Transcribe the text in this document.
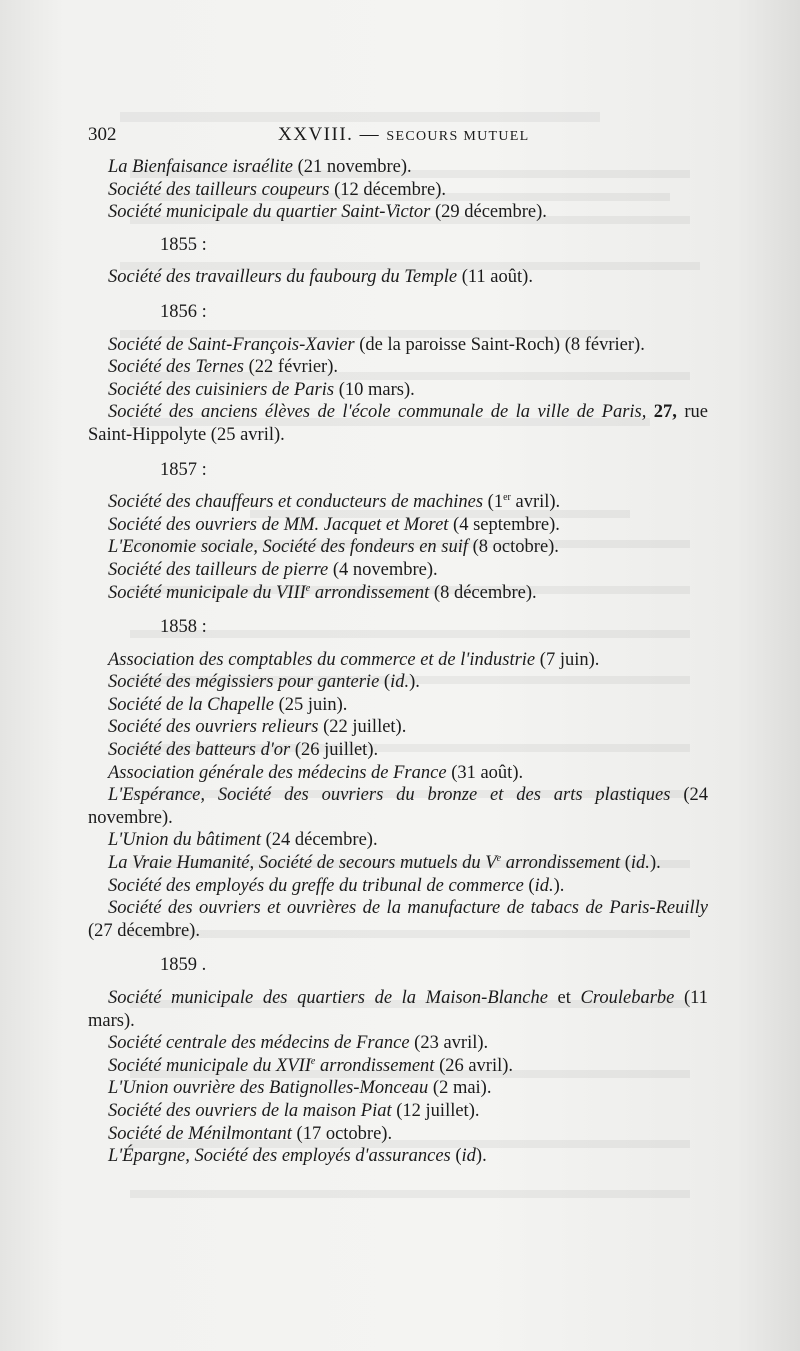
302	XXVIII. — SECOURS MUTUEL
La Bienfaisance israélite (21 novembre).
Société des tailleurs coupeurs (12 décembre).
Société municipale du quartier Saint-Victor (29 décembre).
1855 :
Société des travailleurs du faubourg du Temple (11 août).
1856 :
Société de Saint-François-Xavier (de la paroisse Saint-Roch) (8 février).
Société des Ternes (22 février).
Société des cuisiniers de Paris (10 mars).
Société des anciens élèves de l'école communale de la ville de Paris, 27, rue Saint-Hippolyte (25 avril).
1857 :
Société des chauffeurs et conducteurs de machines (1er avril).
Société des ouvriers de MM. Jacquet et Moret (4 septembre).
L'Economie sociale, Société des fondeurs en suif (8 octobre).
Société des tailleurs de pierre (4 novembre).
Société municipale du VIIIe arrondissement (8 décembre).
1858 :
Association des comptables du commerce et de l'industrie (7 juin).
Société des mégissiers pour ganterie (id.).
Société de la Chapelle (25 juin).
Société des ouvriers relieurs (22 juillet).
Société des batteurs d'or (26 juillet).
Association générale des médecins de France (31 août).
L'Espérance, Société des ouvriers du bronze et des arts plastiques (24 novembre).
L'Union du bâtiment (24 décembre).
La Vraie Humanité, Société de secours mutuels du Ve arrondissement (id.).
Société des employés du greffe du tribunal de commerce (id.).
Société des ouvriers et ouvrières de la manufacture de tabacs de Paris-Reuilly (27 décembre).
1859 .
Société municipale des quartiers de la Maison-Blanche et Croulebarbe (11 mars).
Société centrale des médecins de France (23 avril).
Société municipale du XVIIe arrondissement (26 avril).
L'Union ouvrière des Batignolles-Monceau (2 mai).
Société des ouvriers de la maison Piat (12 juillet).
Société de Ménilmontant (17 octobre).
L'Épargne, Société des employés d'assurances (id).
